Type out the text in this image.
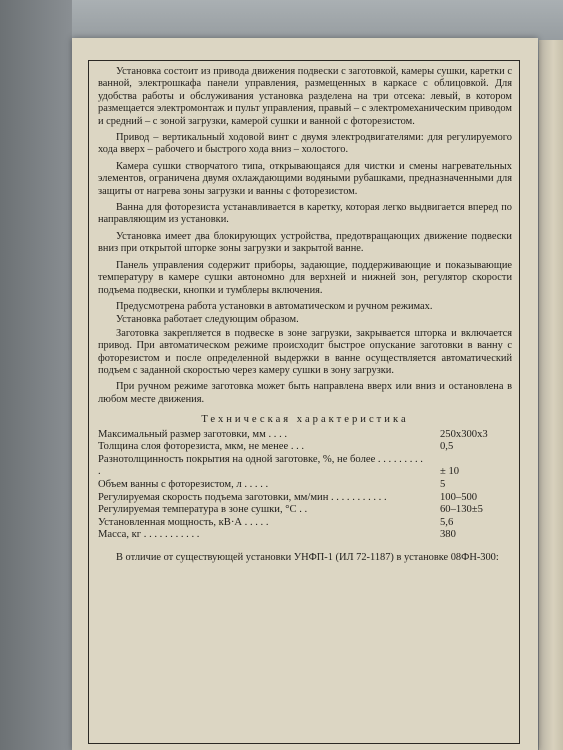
Установка состоит из привода движения подвески с заготовкой, камеры сушки, каретки с ванной, электрошкафа панели управления, размещенных в каркасе с облицовкой. Для удобства работы и обслуживания установка разделена на три отсека: левый, в котором размещается электромонтаж и пульт управления, правый – с электромеханическим приводом и средний – с зоной загрузки, камерой сушки и ванной с фоторезистом.

Привод – вертикальный ходовой винт с двумя электродвигателями: для регулируемого хода вверх – рабочего и быстрого хода вниз – холостого.

Камера сушки створчатого типа, открывающаяся для чистки и смены нагревательных элементов, ограничена двумя охлаждающими водяными рубашками, предназначенными для защиты от нагрева зоны загрузки и ванны с фоторезистом.

Ванна для фоторезиста устанавливается в каретку, которая легко выдвигается вперед по направляющим из установки.

Установка имеет два блокирующих устройства, предотвращающих движение подвески вниз при открытой шторке зоны загрузки и закрытой ванне.

Панель управления содержит приборы, задающие, поддерживающие и показывающие температуру в камере сушки автономно для верхней и нижней зон, регулятор скорости подъема подвески, кнопки и тумблеры включения.

Предусмотрена работа установки в автоматическом и ручном режимах.

Установка работает следующим образом.

Заготовка закрепляется в подвеске в зоне загрузки, закрывается шторка и включается привод. При автоматическом режиме происходит быстрое опускание заготовки в ванну с фоторезистом и после определенной выдержки в ванне осуществляется автоматический подъем с заданной скоростью через камеру сушки в зону загрузки.

При ручном режиме заготовка может быть направлена вверх или вниз и остановлена в любом месте движения.

Техническая характеристика
Максимальный размер заготовки, мм . . . .	250х300х3
Толщина слоя фоторезиста, мкм, не менее . . .	0,5
Разнотолщинность покрытия на одной заготовке, %, не более . . . . . . . . . .	± 10
Объем ванны с фоторезистом, л . . . . .	5
Регулируемая скорость подъема заготовки, мм/мин . . . . . . . . . . .	100–500
Регулируемая температура в зоне сушки, °C . .	60–130±5
Установленная мощность, кВ·А . . . . .	5,6
Масса, кг . . . . . . . . . . .	380

В отличие от существующей установки УНФП-1 (ИЛ 72-1187) в установке 08ФН-300:
